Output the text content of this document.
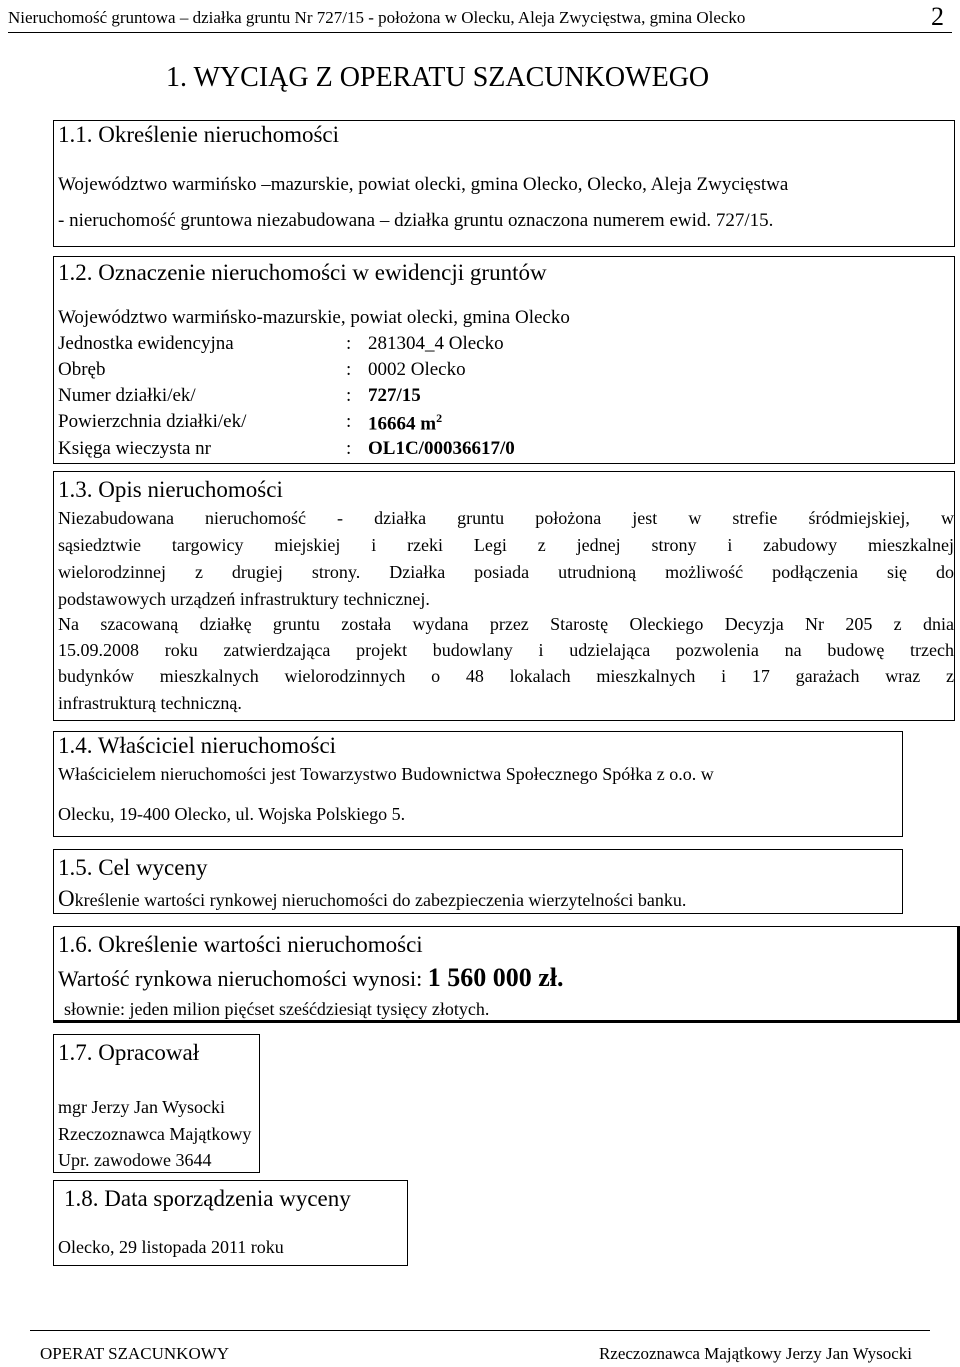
Nieruchomość gruntowa – działka gruntu Nr 727/15 - położona w Olecku, Aleja Zwycięstwa, gmina Olecko	2
1. WYCIĄG Z OPERATU SZACUNKOWEGO
1.1. Określenie nieruchomości
Województwo warmińsko –mazurskie, powiat olecki, gmina Olecko, Olecko, Aleja Zwycięstwa
- nieruchomość gruntowa niezabudowana – działka gruntu oznaczona numerem ewid. 727/15.
1.2. Oznaczenie nieruchomości w ewidencji gruntów
Województwo warmińsko-mazurskie, powiat olecki, gmina Olecko
Jednostka ewidencyjna	: 281304_4 Olecko
Obręb	: 0002 Olecko
Numer działki/ek/	: 727/15
Powierzchnia działki/ek/	: 16664 $m^2$
Księga wieczysta nr	: OL1C/00036617/0
1.3. Opis nieruchomości
Niezabudowana nieruchomość - działka gruntu położona jest w strefie śródmiejskiej, w
sąsiedztwie targowicy miejskiej i rzeki Legi z jednej strony i zabudowy mieszkalnej
wielorodzinnej z drugiej strony. Działka posiada utrudnioną możliwość podłączenia się do
podstawowych urządzeń infrastruktury technicznej.
Na szacowaną działkę gruntu została wydana przez Starostę Oleckiego Decyzja Nr 205 z dnia
15.09.2008 roku zatwierdzająca projekt budowlany i udzielająca pozwolenia na budowę trzech
budynków mieszkalnych wielorodzinnych o 48 lokalach mieszkalnych i 17 garażach wraz z
infrastrukturą techniczną.
1.4. Właściciel nieruchomości
Właścicielem nieruchomości jest Towarzystwo Budownictwa Społecznego Spółka z o.o. w
Olecku, 19-400 Olecko, ul. Wojska Polskiego 5.
1.5. Cel wyceny
Określenie wartości rynkowej nieruchomości do zabezpieczenia wierzytelności banku.
1.6. Określenie wartości nieruchomości
Wartość rynkowa nieruchomości wynosi: 1 560 000 zł.
słownie: jeden milion pięćset sześćdziesiąt tysięcy złotych.
1.7. Opracował
mgr Jerzy Jan Wysocki
Rzeczoznawca Majątkowy
Upr. zawodowe 3644
1.8. Data sporządzenia wyceny
Olecko, 29 listopada 2011 roku
OPERAT SZACUNKOWY	Rzeczoznawca Majątkowy Jerzy Jan Wysocki
